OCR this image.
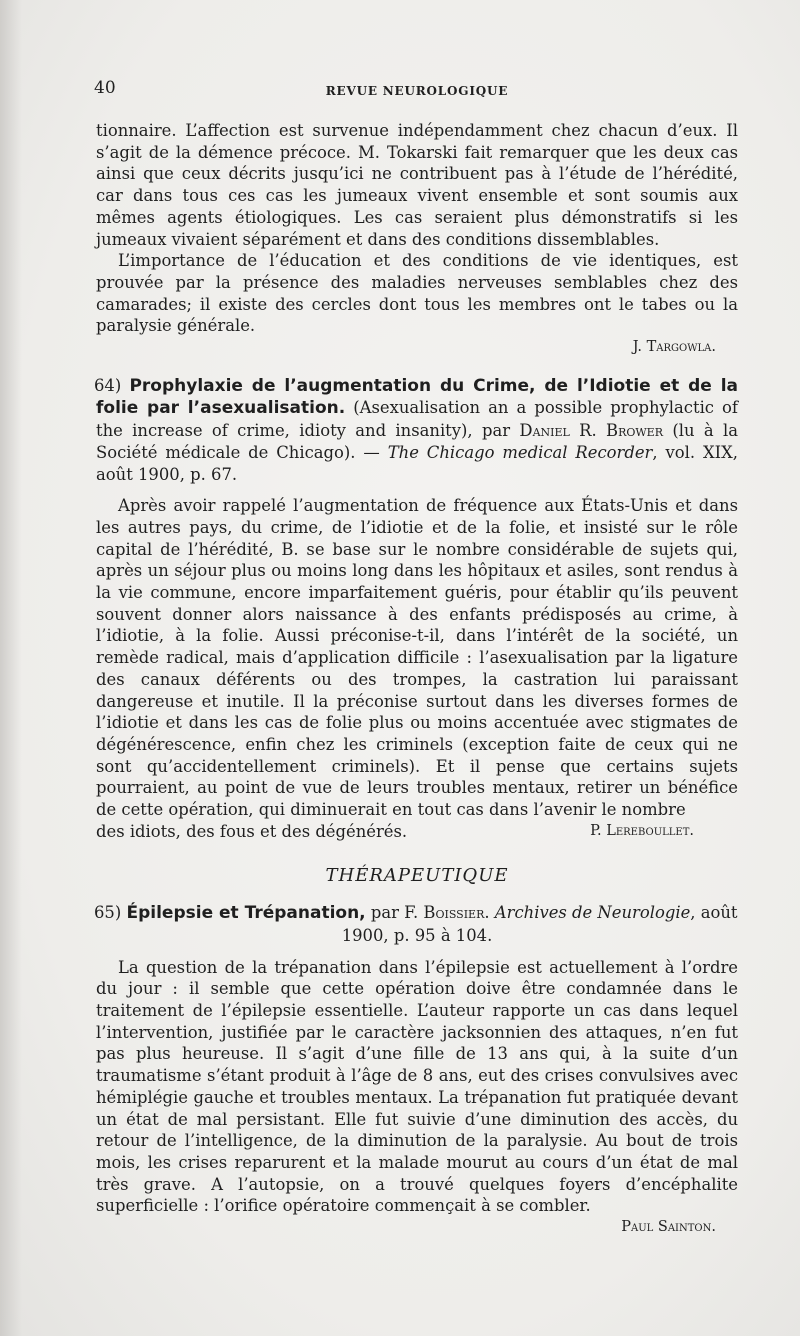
40	REVUE NEUROLOGIQUE

tionnaire. L’affection est survenue indépendamment chez chacun d’eux. Il s’agit de la démence précoce. M. Tokarski fait remarquer que les deux cas ainsi que ceux décrits jusqu’ici ne contribuent pas à l’étude de l’hérédité, car dans tous ces cas les jumeaux vivent ensemble et sont soumis aux mêmes agents étiologiques. Les cas seraient plus démonstratifs si les jumeaux vivaient séparément et dans des conditions dissemblables.

L’importance de l’éducation et des conditions de vie identiques, est prouvée par la présence des maladies nerveuses semblables chez des camarades; il existe des cercles dont tous les membres ont le tabes ou la paralysie générale.

J. Targowla.

64) Prophylaxie de l’augmentation du Crime, de l’Idiotie et de la folie par l’asexualisation. (Asexualisation an a possible prophylactic of the increase of crime, idioty and insanity), par Daniel R. Brower (lu à la Société médicale de Chicago). — The Chicago medical Recorder, vol. XIX, août 1900, p. 67.

Après avoir rappelé l’augmentation de fréquence aux États-Unis et dans les autres pays, du crime, de l’idiotie et de la folie, et insisté sur le rôle capital de l’hérédité, B. se base sur le nombre considérable de sujets qui, après un séjour plus ou moins long dans les hôpitaux et asiles, sont rendus à la vie commune, encore imparfaitement guéris, pour établir qu’ils peuvent souvent donner alors naissance à des enfants prédisposés au crime, à l’idiotie, à la folie. Aussi préconise-t-il, dans l’intérêt de la société, un remède radical, mais d’application difficile : l’asexualisation par la ligature des canaux déférents ou des trompes, la castration lui paraissant dangereuse et inutile. Il la préconise surtout dans les diverses formes de l’idiotie et dans les cas de folie plus ou moins accentuée avec stigmates de dégénérescence, enfin chez les criminels (exception faite de ceux qui ne sont qu’accidentellement criminels). Et il pense que certains sujets pourraient, au point de vue de leurs troubles mentaux, retirer un bénéfice de cette opération, qui diminuerait en tout cas dans l’avenir le nombre

des idiots, des fous et des dégénérés.	P. Lereboullet.
THÉRAPEUTIQUE

65) Épilepsie et Trépanation, par F. Boissier. Archives de Neurologie, août

1900, p. 95 à 104.

La question de la trépanation dans l’épilepsie est actuellement à l’ordre du jour : il semble que cette opération doive être condamnée dans le traitement de l’épilepsie essentielle. L’auteur rapporte un cas dans lequel l’intervention, justifiée par le caractère jacksonnien des attaques, n’en fut pas plus heureuse. Il s’agit d’une fille de 13 ans qui, à la suite d’un traumatisme s’étant produit à l’âge de 8 ans, eut des crises convulsives avec hémiplégie gauche et troubles mentaux. La trépanation fut pratiquée devant un état de mal persistant. Elle fut suivie d’une diminution des accès, du retour de l’intelligence, de la diminution de la paralysie. Au bout de trois mois, les crises reparurent et la malade mourut au cours d’un état de mal très grave. A l’autopsie, on a trouvé quelques foyers d’encéphalite superficielle : l’orifice opératoire commençait à se combler.

Paul Sainton.
